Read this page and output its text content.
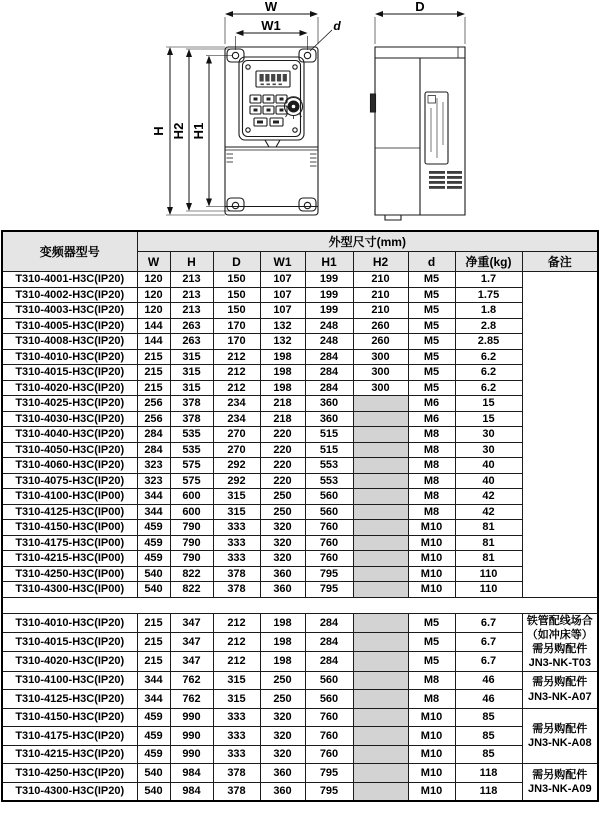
W
W1
H H2 H1
d
D
变频器型号	外型尺寸(mm)								
	W	H	D	W1	H1	H2	d	净重(kg)	备注
T310-4001-H3C(IP20)	120	213	150	107	199	210	M5	1.7	
T310-4002-H3C(IP20)	120	213	150	107	199	210	M5	1.75	
T310-4003-H3C(IP20)	120	213	150	107	199	210	M5	1.8	
T310-4005-H3C(IP20)	144	263	170	132	248	260	M5	2.8	
T310-4008-H3C(IP20)	144	263	170	132	248	260	M5	2.85	
T310-4010-H3C(IP20)	215	315	212	198	284	300	M5	6.2	
T310-4015-H3C(IP20)	215	315	212	198	284	300	M5	6.2	
T310-4020-H3C(IP20)	215	315	212	198	284	300	M5	6.2	
T310-4025-H3C(IP20)	256	378	234	218	360		M6	15	
T310-4030-H3C(IP20)	256	378	234	218	360		M6	15	
T310-4040-H3C(IP20)	284	535	270	220	515		M8	30	
T310-4050-H3C(IP20)	284	535	270	220	515		M8	30	
T310-4060-H3C(IP20)	323	575	292	220	553		M8	40	
T310-4075-H3C(IP20)	323	575	292	220	553		M8	40	
T310-4100-H3C(IP00)	344	600	315	250	560		M8	42	
T310-4125-H3C(IP00)	344	600	315	250	560		M8	42	
T310-4150-H3C(IP00)	459	790	333	320	760		M10	81	
T310-4175-H3C(IP00)	459	790	333	320	760		M10	81	
T310-4215-H3C(IP00)	459	790	333	320	760		M10	81	
T310-4250-H3C(IP00)	540	822	378	360	795		M10	110	
T310-4300-H3C(IP00)	540	822	378	360	795		M10	110	

T310-4010-H3C(IP20)	215	347	212	198	284		M5	6.7	铁管配线场合
（如冲床等）
需另购配件
JN3-NK-T03

T310-4015-H3C(IP20)	215	347	212	198	284		M5	6.7	
T310-4020-H3C(IP20)	215	347	212	198	284		M5	6.7	
T310-4100-H3C(IP20)	344	762	315	250	560		M8	46	需另购配件
JN3-NK-A07

T310-4125-H3C(IP20)	344	762	315	250	560		M8	46	
T310-4150-H3C(IP20)	459	990	333	320	760		M10	85	需另购配件
JN3-NK-A08

T310-4175-H3C(IP20)	459	990	333	320	760		M10	85	
T310-4215-H3C(IP20)	459	990	333	320	760		M10	85	
T310-4250-H3C(IP20)	540	984	378	360	795		M10	118	需另购配件
JN3-NK-A09

T310-4300-H3C(IP20)	540	984	378	360	795		M10	118	
